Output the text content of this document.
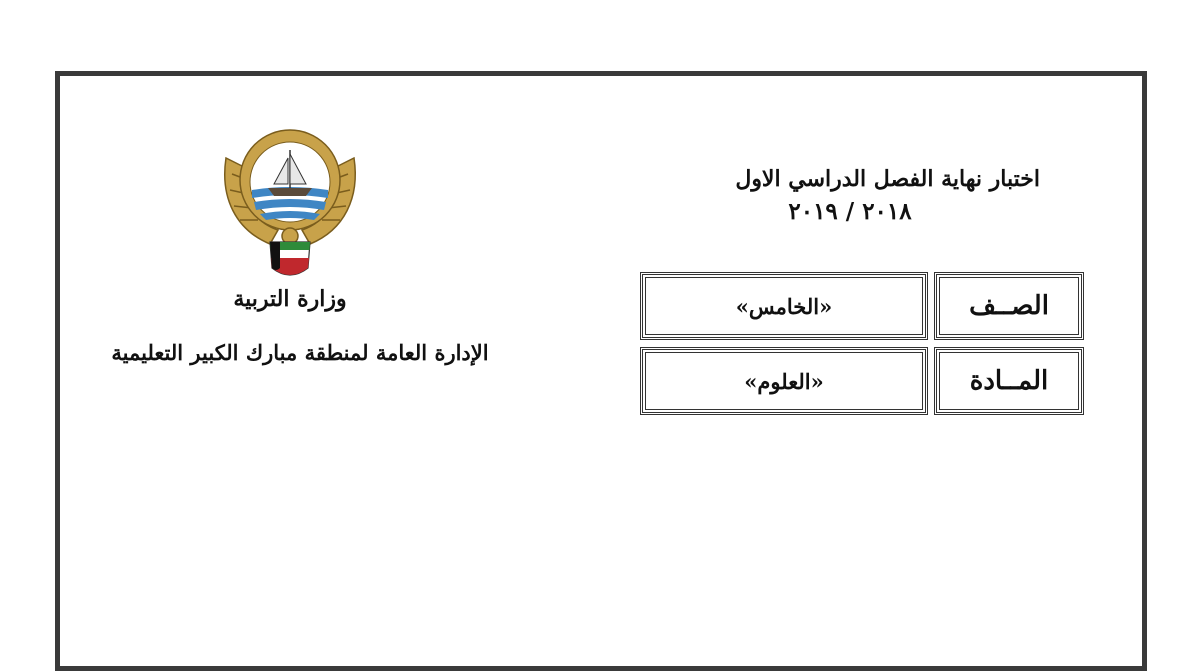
وزارة التربية
الإدارة العامة لمنطقة مبارك الكبير التعليمية
اختبار نهاية الفصل الدراسي الاول
٢٠١٨ / ٢٠١٩
الصــف
«الخامس»
المــادة
«العلوم»
